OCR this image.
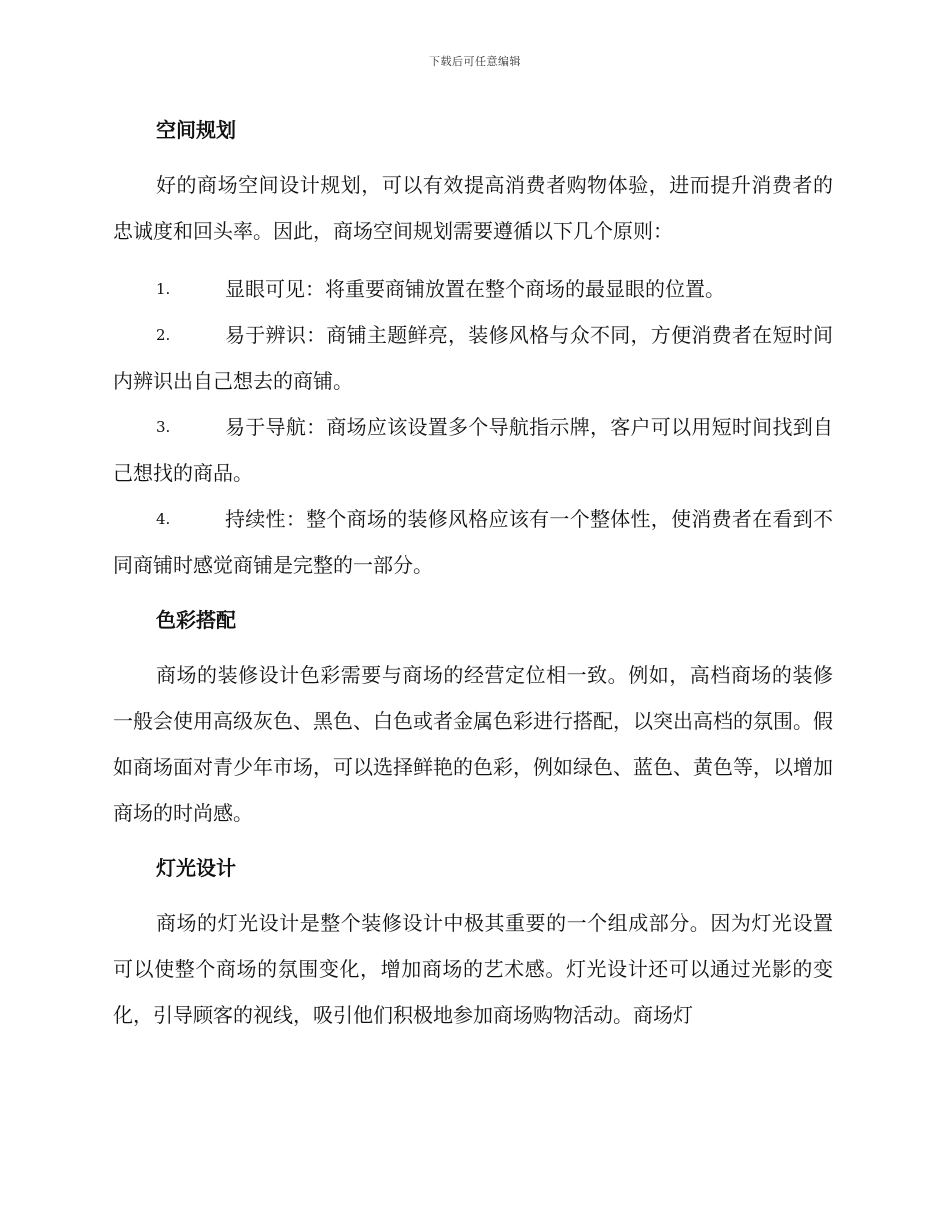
下载后可任意编辑
空间规划

好的商场空间设计规划，可以有效提高消费者购物体验，进而提升消费者的忠诚度和回头率。因此，商场空间规划需要遵循以下几个原则：

1.	显眼可见：将重要商铺放置在整个商场的最显眼的位置。

2.	易于辨识：商铺主题鲜亮，装修风格与众不同，方便消费者在短时间内辨识出自己想去的商铺。

3.	易于导航：商场应该设置多个导航指示牌，客户可以用短时间找到自己想找的商品。

4.	持续性：整个商场的装修风格应该有一个整体性，使消费者在看到不同商铺时感觉商铺是完整的一部分。

色彩搭配

商场的装修设计色彩需要与商场的经营定位相一致。例如，高档商场的装修一般会使用高级灰色、黑色、白色或者金属色彩进行搭配，以突出高档的氛围。假如商场面对青少年市场，可以选择鲜艳的色彩，例如绿色、蓝色、黄色等，以增加商场的时尚感。

灯光设计

商场的灯光设计是整个装修设计中极其重要的一个组成部分。因为灯光设置可以使整个商场的氛围变化，增加商场的艺术感。灯光设计还可以通过光影的变化，引导顾客的视线，吸引他们积极地参加商场购物活动。商场灯
